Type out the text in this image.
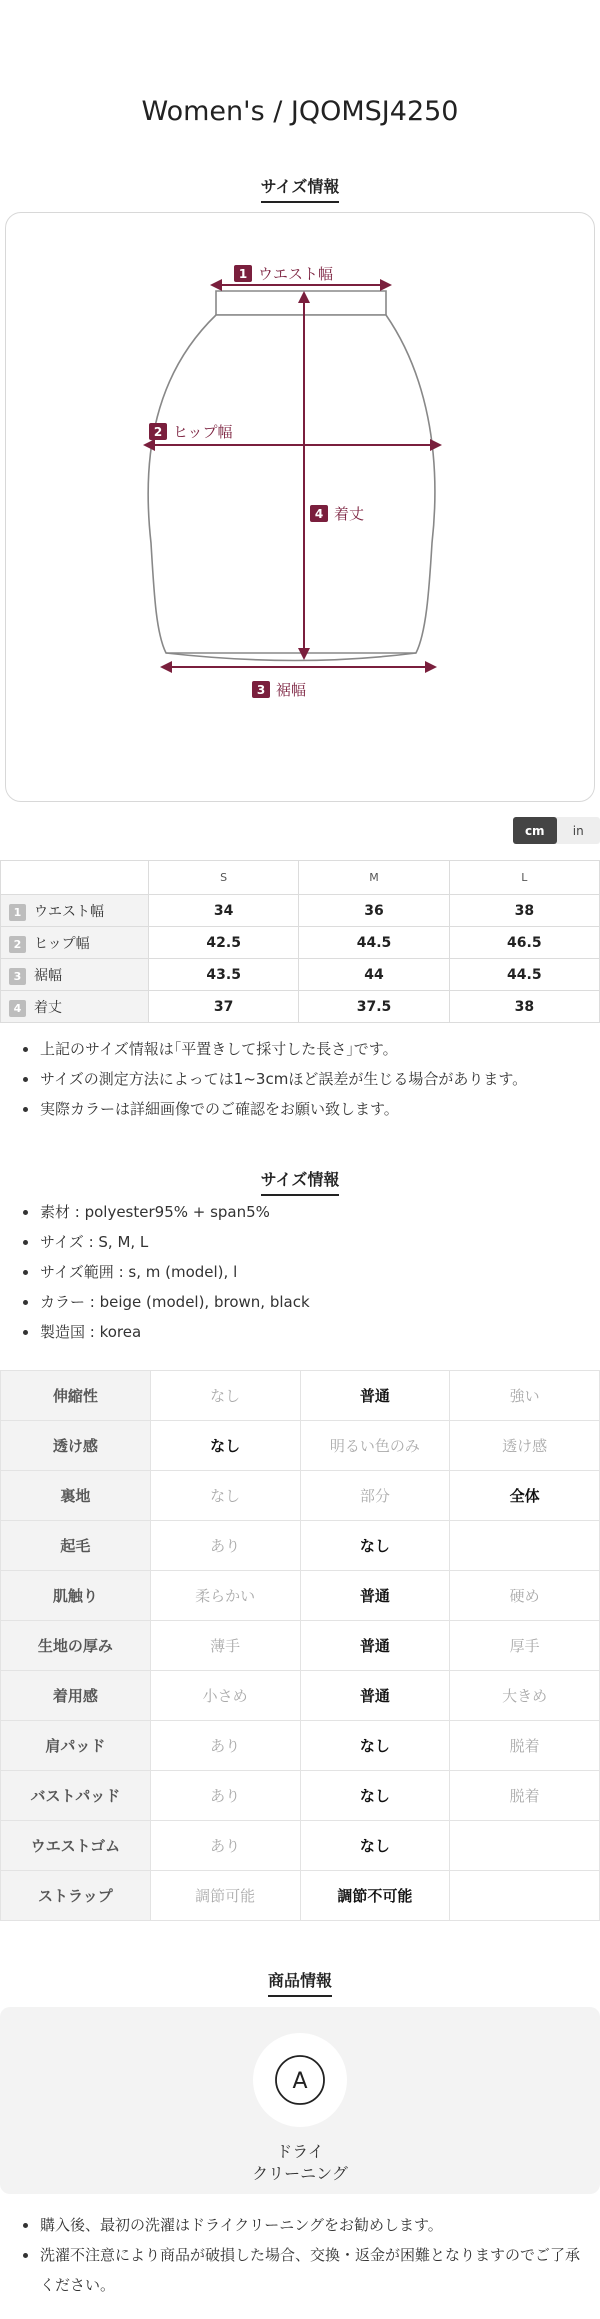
Women's / JQOMSJ4250
サイズ情報
1 ウエスト幅
2 ヒップ幅
4 着丈
3 裾幅
cm	in
	S	M	L
1 ウエスト幅	34	36	38
2 ヒップ幅	42.5	44.5	46.5
3 裾幅	43.5	44	44.5
4 着丈	37	37.5	38
上記のサイズ情報は｢平置きして採寸した長さ｣です。
サイズの測定方法によっては1~3cmほど誤差が生じる場合があります。
実際カラーは詳細画像でのご確認をお願い致します。
サイズ情報
素材 : polyester95% + span5%
サイズ : S, M, L
サイズ範囲 : s, m (model), l
カラー : beige (model), brown, black
製造国 : korea
伸縮性	なし	普通	強い
透け感	なし	明るい色のみ	透け感
裏地	なし	部分	全体
起毛	あり	なし	
肌触り	柔らかい	普通	硬め
生地の厚み	薄手	普通	厚手
着用感	小さめ	普通	大きめ
肩パッド	あり	なし	脱着
バストパッド	あり	なし	脱着
ウエストゴム	あり	なし	
ストラップ	調節可能	調節不可能	
商品情報
A
ドライ
クリーニング
購入後、最初の洗濯はドライクリーニングをお勧めします。
洗濯不注意により商品が破損した場合、交換・返金が困難となりますのでご了承ください。
